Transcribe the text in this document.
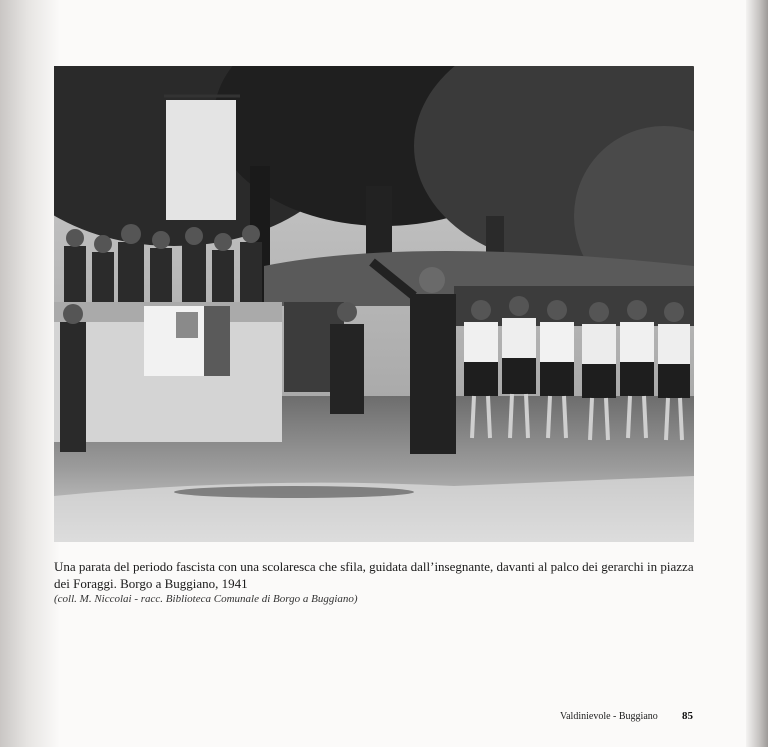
Una parata del periodo fascista con una scolaresca che sfila, guidata dall’insegnante, davanti al palco dei gerarchi in piazza dei Foraggi. Borgo a Buggiano, 1941
(coll. M. Niccolai - racc. Biblioteca Comunale di Borgo a Buggiano)
Valdinievole - Buggiano 85
